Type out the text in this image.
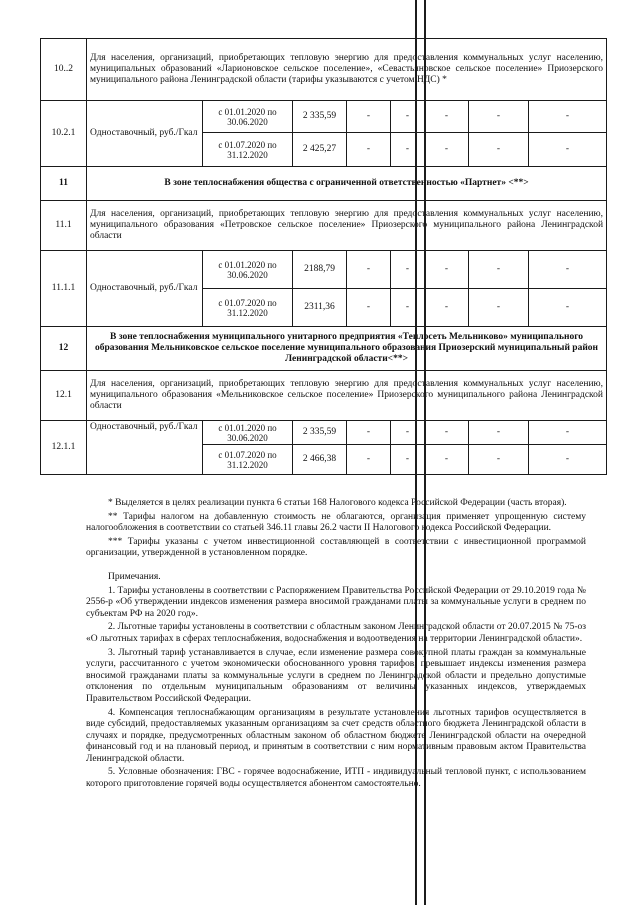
10..2	Для населения, организаций, приобретающих тепловую энергию для предоставления коммунальных услуг населению, муниципальных образований «Ларионовское сельское поселение», «Севастьяновское сельское поселение» Приозерского муниципального района Ленинградской области (тарифы указываются с учетом НДС) *							
10.2.1	Одноставочный, руб./Гкал	с 01.01.2020 по 30.06.2020	2 335,59	-	-	-	-	-
		с 01.07.2020 по 31.12.2020	2 425,27	-	-	-	-	-
11	В зоне теплоснабжения общества с ограниченной ответственностью «Партнет» <**>							
11.1	Для населения, организаций, приобретающих тепловую энергию для предоставления коммунальных услуг населению, муниципального образования «Петровское сельское поселение» Приозерского муниципального района Ленинградской области							
11.1.1	Одноставочный, руб./Гкал	с 01.01.2020 по 30.06.2020	2188,79	-	-	-	-	-
		с 01.07.2020 по 31.12.2020	2311,36	-	-	-	-	-
12	В зоне теплоснабжения муниципального унитарного предприятия «Теплосеть Мельниково» муниципального образования Мельниковское сельское поселение муниципального образования Приозерский муниципальный район Ленинградской области<**>							
12.1	Для населения, организаций, приобретающих тепловую энергию для предоставления коммунальных услуг населению, муниципального образования «Мельниковское сельское поселение» Приозерского муниципального района Ленинградской области							
12.1.1	Одноставочный, руб./Гкал	с 01.01.2020 по 30.06.2020	2 335,59	-	-	-	-	-
		с 01.07.2020 по 31.12.2020	2 466,38	-	-	-	-	-

* Выделяется в целях реализации пункта 6 статьи 168 Налогового кодекса Российской Федерации (часть вторая).

** Тарифы налогом на добавленную стоимость не облагаются, организация применяет упрощенную систему налогообложения в соответствии со статьей 346.11 главы 26.2 части II Налогового кодекса Российской Федерации.

*** Тарифы указаны с учетом инвестиционной составляющей в соответствии с инвестиционной программой организации, утвержденной в установленном порядке.

Примечания.

1. Тарифы установлены в соответствии с Распоряжением Правительства Российской Федерации от 29.10.2019 года № 2556-р «Об утверждении индексов изменения размера вносимой гражданами платы за коммунальные услуги в среднем по субъектам РФ на 2020 год».

2. Льготные тарифы установлены в соответствии с областным законом Ленинградской области от 20.07.2015 № 75-оз «О льготных тарифах в сферах теплоснабжения, водоснабжения и водоотведения на территории Ленинградской области».

3. Льготный тариф устанавливается в случае, если изменение размера совокупной платы граждан за коммунальные услуги, рассчитанного с учетом экономически обоснованного уровня тарифов, превышает индексы изменения размера вносимой гражданами платы за коммунальные услуги в среднем по Ленинградской области и предельно допустимые отклонения по отдельным муниципальным образованиям от величины указанных индексов, утверждаемых Правительством Российской Федерации.

4. Компенсация теплоснабжающим организациям в результате установления льготных тарифов осуществляется в виде субсидий, предоставляемых указанным организациям за счет средств областного бюджета Ленинградской области в случаях и порядке, предусмотренных областным законом об областном бюджете Ленинградской области на очередной финансовый год и на плановый период, и принятым в соответствии с ним нормативным правовым актом Правительства Ленинградской области.

5. Условные обозначения: ГВС - горячее водоснабжение, ИТП - индивидуальный тепловой пункт, с использованием которого приготовление горячей воды осуществляется абонентом самостоятельно.
